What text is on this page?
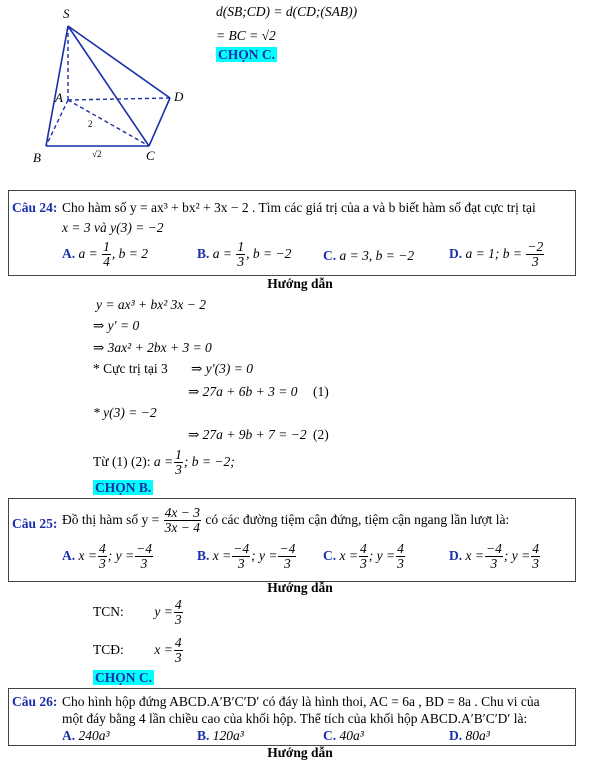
S
A
B	C
D
2
√2
d(SB;CD) = d(CD;(SAB))
= BC = √2
CHỌN C.
Câu 24: Cho hàm số y = ax³ + bx² + 3x − 2 . Tìm các giá trị của a và b biết hàm số đạt cực trị tại
x = 3 và y(3) = −2
A. $a = \frac{1}{4}$ , b = 2	B. $a = \frac{1}{3}$ , b = −2 C. a = 3, b = −2	D. a = 1; $b = \frac{-2}{3}$
Hướng dẫn
y = ax³ + bx² 3x − 2
⇒ y′ = 0
⇒ 3ax² + 2bx + 3 = 0
* Cực trị tại 3 ⇒ y′(3) = 0
⇒ 27a + 6b + 3 = 0 (1)
* y(3) = −2
⇒ 27a + 9b + 7 = −2 (2)
Từ (1) (2): $a = \frac{1}{3}$ ; b = −2;
CHỌN B.
Câu 25: Đồ thị hàm số $y = \frac{4x - 3}{3x - 4}$ có các đường tiệm cận đứng, tiệm cận ngang lần lượt là:
A. $x = \frac{4}{3}$ ; $y = \frac{-4}{3}$	B. $x = \frac{-4}{3}$ ; $y = \frac{-4}{3} C$. $x = \frac{4}{3}$ ; $y = \frac{4}{3}$	D. $x = \frac{-4}{3}$ ; $y = \frac{4}{3}$
Hướng dẫn
TCN: $y = \frac{4}{3}$
TCĐ: $x = \frac{4}{3}$
CHỌN C.
Câu 26: Cho hình hộp đứng ABCD.A′B′C′D′ có đáy là hình thoi, AC = 6a , BD = 8a . Chu vi của
một đáy bằng 4 lần chiều cao của khối hộp. Thể tích của khối hộp ABCD.A′B′C′D′ là:
A. 240a³	B. 120a³	C. 40a³	D. 80a³
Hướng dẫn
